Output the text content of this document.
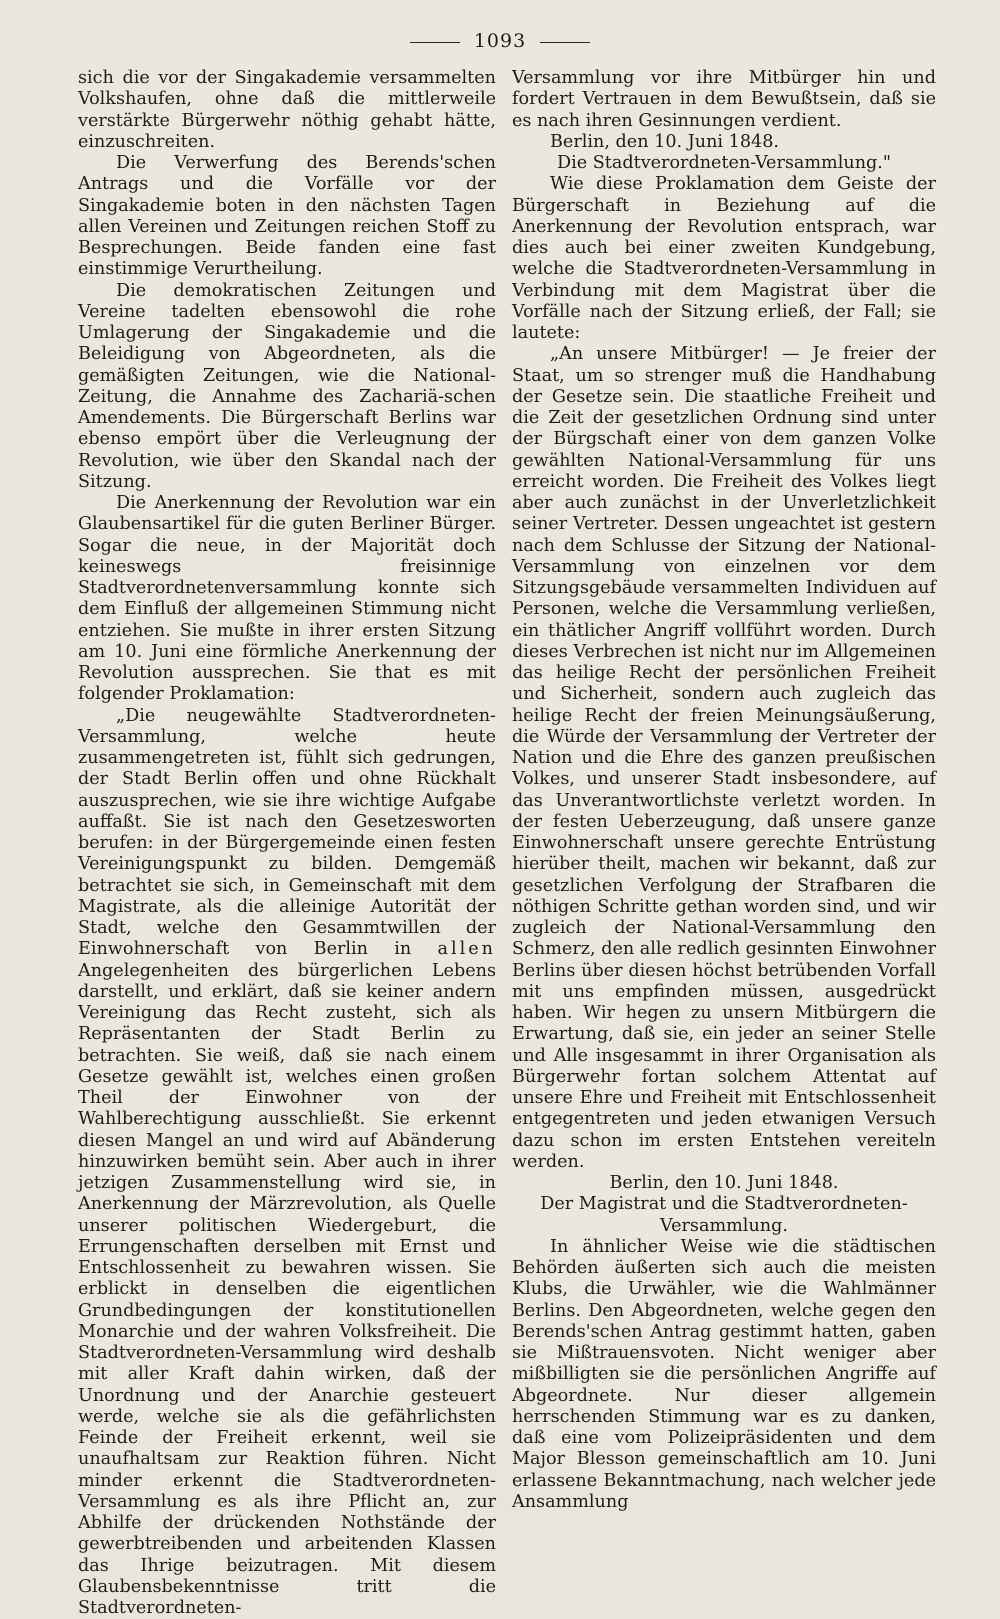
1093

sich die vor der Singakademie versammelten Volkshaufen, ohne daß die mittlerweile verstärkte Bürgerwehr nöthig gehabt hätte, einzuschreiten.

Die Verwerfung des Berends'schen Antrags und die Vorfälle vor der Singakademie boten in den nächsten Tagen allen Vereinen und Zeitungen reichen Stoff zu Besprechungen. Beide fanden eine fast einstimmige Verurtheilung.

Die demokratischen Zeitungen und Vereine tadelten ebensowohl die rohe Umlagerung der Singakademie und die Beleidigung von Abgeordneten, als die gemäßigten Zeitungen, wie die National-Zeitung, die Annahme des Zachariä-schen Amendements. Die Bürgerschaft Berlins war ebenso empört über die Verleugnung der Revolution, wie über den Skandal nach der Sitzung.

Die Anerkennung der Revolution war ein Glaubensartikel für die guten Berliner Bürger. Sogar die neue, in der Majorität doch keineswegs freisinnige Stadtverordnetenversammlung konnte sich dem Einfluß der allgemeinen Stimmung nicht entziehen. Sie mußte in ihrer ersten Sitzung am 10. Juni eine förmliche Anerkennung der Revolution aussprechen. Sie that es mit folgender Proklamation:

„Die neugewählte Stadtverordneten-Versammlung, welche heute zusammengetreten ist, fühlt sich gedrungen, der Stadt Berlin offen und ohne Rückhalt auszusprechen, wie sie ihre wichtige Aufgabe auffaßt. Sie ist nach den Gesetzesworten berufen: in der Bürgergemeinde einen festen Vereinigungspunkt zu bilden. Demgemäß betrachtet sie sich, in Gemeinschaft mit dem Magistrate, als die alleinige Autorität der Stadt, welche den Gesammtwillen der Einwohnerschaft von Berlin in allen Angelegenheiten des bürgerlichen Lebens darstellt, und erklärt, daß sie keiner andern Vereinigung das Recht zusteht, sich als Repräsentanten der Stadt Berlin zu betrachten. Sie weiß, daß sie nach einem Gesetze gewählt ist, welches einen großen Theil der Einwohner von der Wahlberechtigung ausschließt. Sie erkennt diesen Mangel an und wird auf Abänderung hinzuwirken bemüht sein. Aber auch in ihrer jetzigen Zusammenstellung wird sie, in Anerkennung der Märzrevolution, als Quelle unserer politischen Wiedergeburt, die Errungenschaften derselben mit Ernst und Entschlossenheit zu bewahren wissen. Sie erblickt in denselben die eigentlichen Grundbedingungen der konstitutionellen Monarchie und der wahren Volksfreiheit. Die Stadtverordneten-Versammlung wird deshalb mit aller Kraft dahin wirken, daß der Unordnung und der Anarchie gesteuert werde, welche sie als die gefährlichsten Feinde der Freiheit erkennt, weil sie unaufhaltsam zur Reaktion führen. Nicht minder erkennt die Stadtverordneten-Versammlung es als ihre Pflicht an, zur Abhilfe der drückenden Nothstände der gewerbtreibenden und arbeitenden Klassen das Ihrige beizutragen. Mit diesem Glaubensbekenntnisse tritt die Stadtverordneten-

Versammlung vor ihre Mitbürger hin und fordert Vertrauen in dem Bewußtsein, daß sie es nach ihren Gesinnungen verdient.

Berlin, den 10. Juni 1848.

Die Stadtverordneten-Versammlung."

Wie diese Proklamation dem Geiste der Bürgerschaft in Beziehung auf die Anerkennung der Revolution entsprach, war dies auch bei einer zweiten Kundgebung, welche die Stadtverordneten-Versammlung in Verbindung mit dem Magistrat über die Vorfälle nach der Sitzung erließ, der Fall; sie lautete:

„An unsere Mitbürger! — Je freier der Staat, um so strenger muß die Handhabung der Gesetze sein. Die staatliche Freiheit und die Zeit der gesetzlichen Ordnung sind unter der Bürgschaft einer von dem ganzen Volke gewählten National-Versammlung für uns erreicht worden. Die Freiheit des Volkes liegt aber auch zunächst in der Unverletzlichkeit seiner Vertreter. Dessen ungeachtet ist gestern nach dem Schlusse der Sitzung der National-Versammlung von einzelnen vor dem Sitzungsgebäude versammelten Individuen auf Personen, welche die Versammlung verließen, ein thätlicher Angriff vollführt worden. Durch dieses Verbrechen ist nicht nur im Allgemeinen das heilige Recht der persönlichen Freiheit und Sicherheit, sondern auch zugleich das heilige Recht der freien Meinungsäußerung, die Würde der Versammlung der Vertreter der Nation und die Ehre des ganzen preußischen Volkes, und unserer Stadt insbesondere, auf das Unverantwortlichste verletzt worden. In der festen Ueberzeugung, daß unsere ganze Einwohnerschaft unsere gerechte Entrüstung hierüber theilt, machen wir bekannt, daß zur gesetzlichen Verfolgung der Strafbaren die nöthigen Schritte gethan worden sind, und wir zugleich der National-Versammlung den Schmerz, den alle redlich gesinnten Einwohner Berlins über diesen höchst betrübenden Vorfall mit uns empfinden müssen, ausgedrückt haben. Wir hegen zu unsern Mitbürgern die Erwartung, daß sie, ein jeder an seiner Stelle und Alle insgesammt in ihrer Organisation als Bürgerwehr fortan solchem Attentat auf unsere Ehre und Freiheit mit Entschlossenheit entgegentreten und jeden etwanigen Versuch dazu schon im ersten Entstehen vereiteln werden.

Berlin, den 10. Juni 1848.

Der Magistrat und die Stadtverordneten-Versammlung.

In ähnlicher Weise wie die städtischen Behörden äußerten sich auch die meisten Klubs, die Urwähler, wie die Wahlmänner Berlins. Den Abgeordneten, welche gegen den Berends'schen Antrag gestimmt hatten, gaben sie Mißtrauensvoten. Nicht weniger aber mißbilligten sie die persönlichen Angriffe auf Abgeordnete. Nur dieser allgemein herrschenden Stimmung war es zu danken, daß eine vom Polizeipräsidenten und dem Major Blesson gemeinschaftlich am 10. Juni erlassene Bekanntmachung, nach welcher jede Ansammlung
